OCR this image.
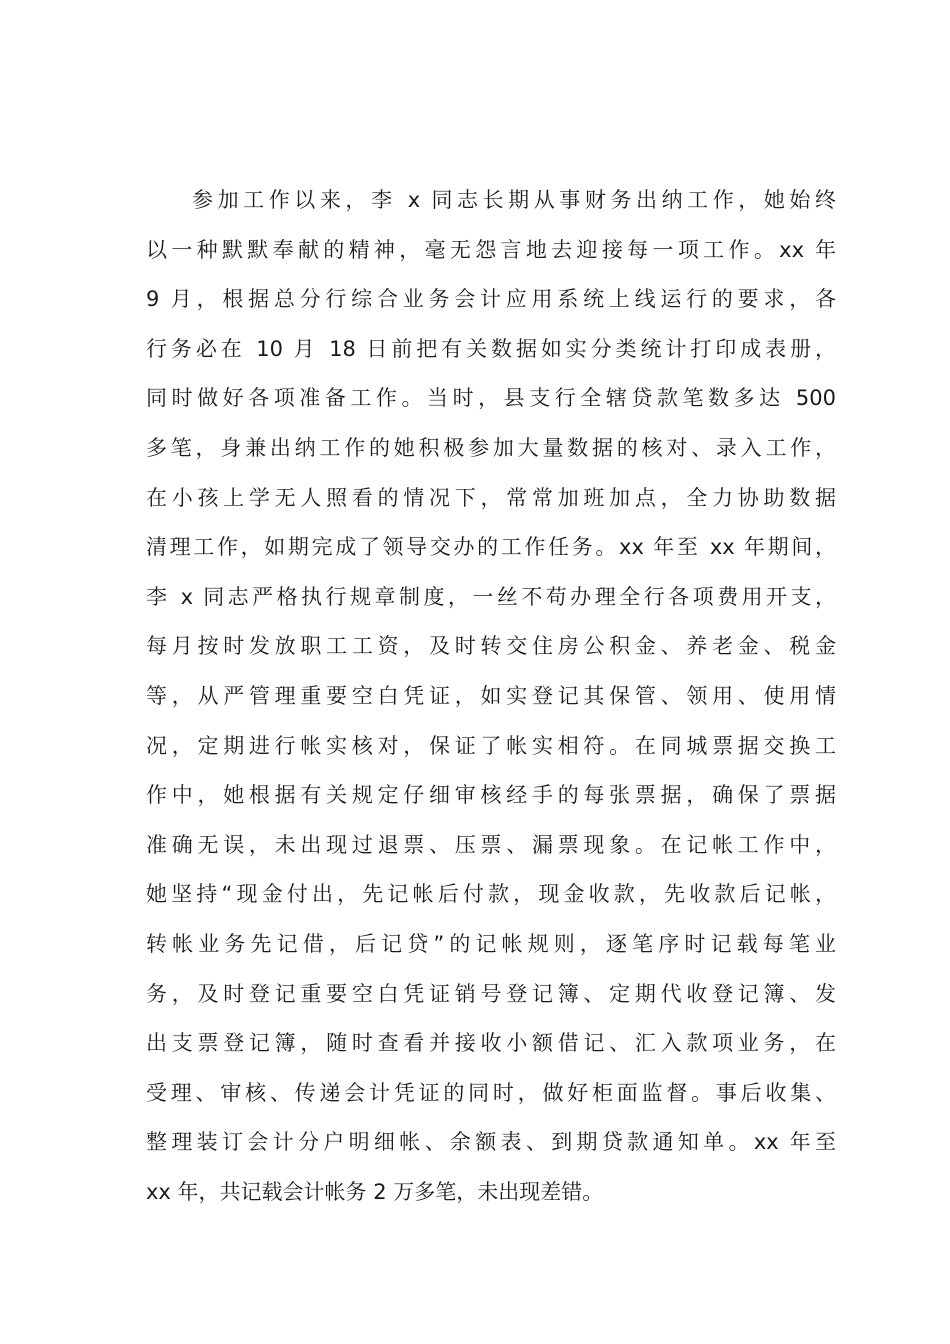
参加工作以来，李 x 同志长期从事财务出纳工作，她始终
以一种默默奉献的精神，毫无怨言地去迎接每一项工作。xx 年
9 月，根据总分行综合业务会计应用系统上线运行的要求，各
行务必在 10 月 18 日前把有关数据如实分类统计打印成表册，
同时做好各项准备工作。当时，县支行全辖贷款笔数多达 500
多笔，身兼出纳工作的她积极参加大量数据的核对、录入工作，
在小孩上学无人照看的情况下，常常加班加点，全力协助数据
清理工作，如期完成了领导交办的工作任务。xx 年至 xx 年期间，
李 x 同志严格执行规章制度，一丝不苟办理全行各项费用开支，
每月按时发放职工工资，及时转交住房公积金、养老金、税金
等，从严管理重要空白凭证，如实登记其保管、领用、使用情
况，定期进行帐实核对，保证了帐实相符。在同城票据交换工
作中，她根据有关规定仔细审核经手的每张票据，确保了票据
准确无误，未出现过退票、压票、漏票现象。在记帐工作中，
她坚持“现金付出，先记帐后付款，现金收款，先收款后记帐，
转帐业务先记借，后记贷”的记帐规则，逐笔序时记载每笔业
务，及时登记重要空白凭证销号登记簿、定期代收登记簿、发
出支票登记簿，随时查看并接收小额借记、汇入款项业务，在
受理、审核、传递会计凭证的同时，做好柜面监督。事后收集、
整理装订会计分户明细帐、余额表、到期贷款通知单。xx 年至
xx 年，共记载会计帐务 2 万多笔，未出现差错。
